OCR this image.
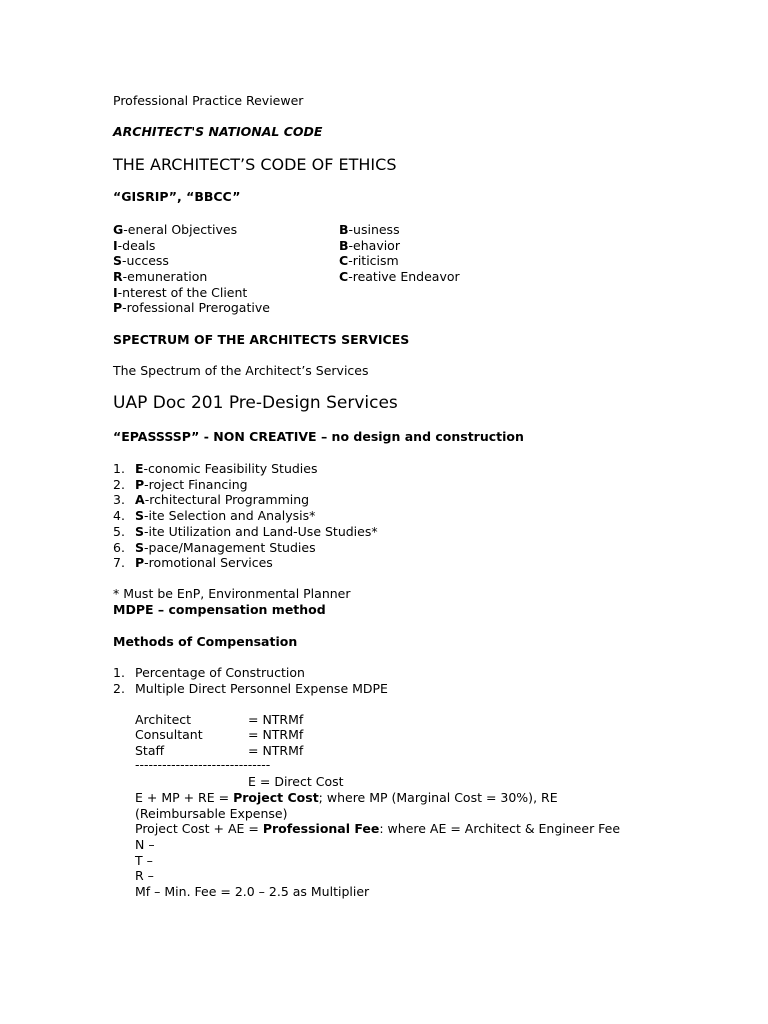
Professional Practice Reviewer
ARCHITECT'S NATIONAL CODE
THE ARCHITECT’S CODE OF ETHICS
“GISRIP”, “BBCC”
G-eneral Objectives
I-deals
S-uccess
R-emuneration
I-nterest of the Client
P-rofessional Prerogative
B-usiness
B-ehavior
C-riticism
C-reative Endeavor
SPECTRUM OF THE ARCHITECTS SERVICES
The Spectrum of the Architect’s Services
UAP Doc 201 Pre-Design Services
“EPASSSSP” - NON CREATIVE – no design and construction
1. E-conomic Feasibility Studies
2. P-roject Financing
3. A-rchitectural Programming
4. S-ite Selection and Analysis*
5. S-ite Utilization and Land-Use Studies*
6. S-pace/Management Studies
7. P-romotional Services
* Must be EnP, Environmental Planner
MDPE – compensation method
Methods of Compensation
1. Percentage of Construction
2. Multiple Direct Personnel Expense MDPE
Architect	= NTRMf
Consultant	= NTRMf
Staff	= NTRMf
------------------------------
E = Direct Cost
E + MP + RE = Project Cost; where MP (Marginal Cost = 30%), RE
(Reimbursable Expense)
Project Cost + AE = Professional Fee: where AE = Architect & Engineer Fee
N –
T –
R –
Mf – Min. Fee = 2.0 – 2.5 as Multiplier
